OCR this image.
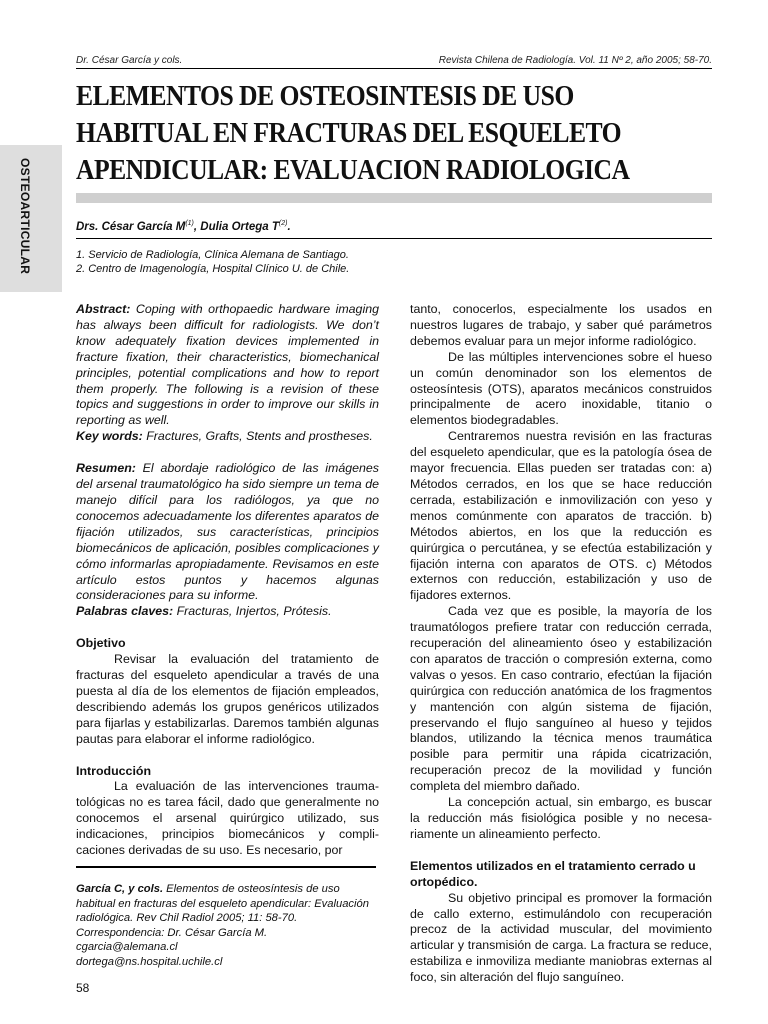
Dr. César García y cols.	Revista Chilena de Radiología. Vol. 11 Nº 2, año 2005; 58-70.
OSTEOARTICULAR
ELEMENTOS DE OSTEOSINTESIS DE USO HABITUAL EN FRACTURAS DEL ESQUELETO APENDICULAR: EVALUACION RADIOLOGICA
Drs. César García $M^{(1)}$, Dulia Ortega $T^{(2)}$.
1. Servicio de Radiología, Clínica Alemana de Santiago.
2. Centro de Imagenología, Hospital Clínico U. de Chile.

Abstract: Coping with orthopaedic hardware imaging has always been difficult for radiologists. We don’t know adequately fixation devices implemented in fracture fixation, their characteristics, biomechanical principles, potential complications and how to report them properly. The following is a revision of these topics and suggestions in order to improve our skills in reporting as well.

Key words: Fractures, Grafts, Stents and prostheses.

Resumen: El abordaje radiológico de las imágenes del arsenal traumatológico ha sido siempre un tema de manejo difícil para los radiólogos, ya que no conocemos adecuadamente los diferentes aparatos de fijación utilizados, sus características, principios biomecánicos de aplicación, posibles complicaciones y cómo informarlas apropiadamente. Revisamos en este artículo estos puntos y hacemos algunas consideraciones para su informe.

Palabras claves: Fracturas, Injertos, Prótesis.

Objetivo

Revisar la evaluación del tratamiento de fracturas del esqueleto apendicular a través de una puesta al día de los elementos de fijación empleados, describiendo además los grupos genéricos utilizados para fijarlas y estabilizarlas. Daremos también algunas pautas para elaborar el informe radiológico.

Introducción

La evaluación de las intervenciones trauma-tológicas no es tarea fácil, dado que generalmente no conocemos el arsenal quirúrgico utilizado, sus indicaciones, principios biomecánicos y compli-caciones derivadas de su uso. Es necesario, por

García C, y cols. Elementos de osteosíntesis de uso habitual en fracturas del esqueleto apendicular: Evaluación radiológica. Rev Chil Radiol 2005; 11: 58-70.
Correspondencia: Dr. César García M.
cgarcia@alemana.cl
dortega@ns.hospital.uchile.cl
58

tanto, conocerlos, especialmente los usados en nuestros lugares de trabajo, y saber qué parámetros debemos evaluar para un mejor informe radiológico.

De las múltiples intervenciones sobre el hueso un común denominador son los elementos de osteosíntesis (OTS), aparatos mecánicos construidos principalmente de acero inoxidable, titanio o elementos biodegradables.

Centraremos nuestra revisión en las fracturas del esqueleto apendicular, que es la patología ósea de mayor frecuencia. Ellas pueden ser tratadas con: a) Métodos cerrados, en los que se hace reducción cerrada, estabilización e inmovilización con yeso y menos comúnmente con aparatos de tracción. b) Métodos abiertos, en los que la reducción es quirúrgica o percutánea, y se efectúa estabilización y fijación interna con aparatos de OTS. c) Métodos externos con reducción, estabilización y uso de fijadores externos.

Cada vez que es posible, la mayoría de los traumatólogos prefiere tratar con reducción cerrada, recuperación del alineamiento óseo y estabilización con aparatos de tracción o compresión externa, como valvas o yesos. En caso contrario, efectúan la fijación quirúrgica con reducción anatómica de los fragmentos y mantención con algún sistema de fijación, preservando el flujo sanguíneo al hueso y tejidos blandos, utilizando la técnica menos traumática posible para permitir una rápida cicatrización, recuperación precoz de la movilidad y función completa del miembro dañado.

La concepción actual, sin embargo, es buscar la reducción más fisiológica posible y no necesa-riamente un alineamiento perfecto.

Elementos utilizados en el tratamiento cerrado u ortopédico.

Su objetivo principal es promover la formación de callo externo, estimulándolo con recuperación precoz de la actividad muscular, del movimiento articular y transmisión de carga. La fractura se reduce, estabiliza e inmoviliza mediante maniobras externas al foco, sin alteración del flujo sanguíneo.
